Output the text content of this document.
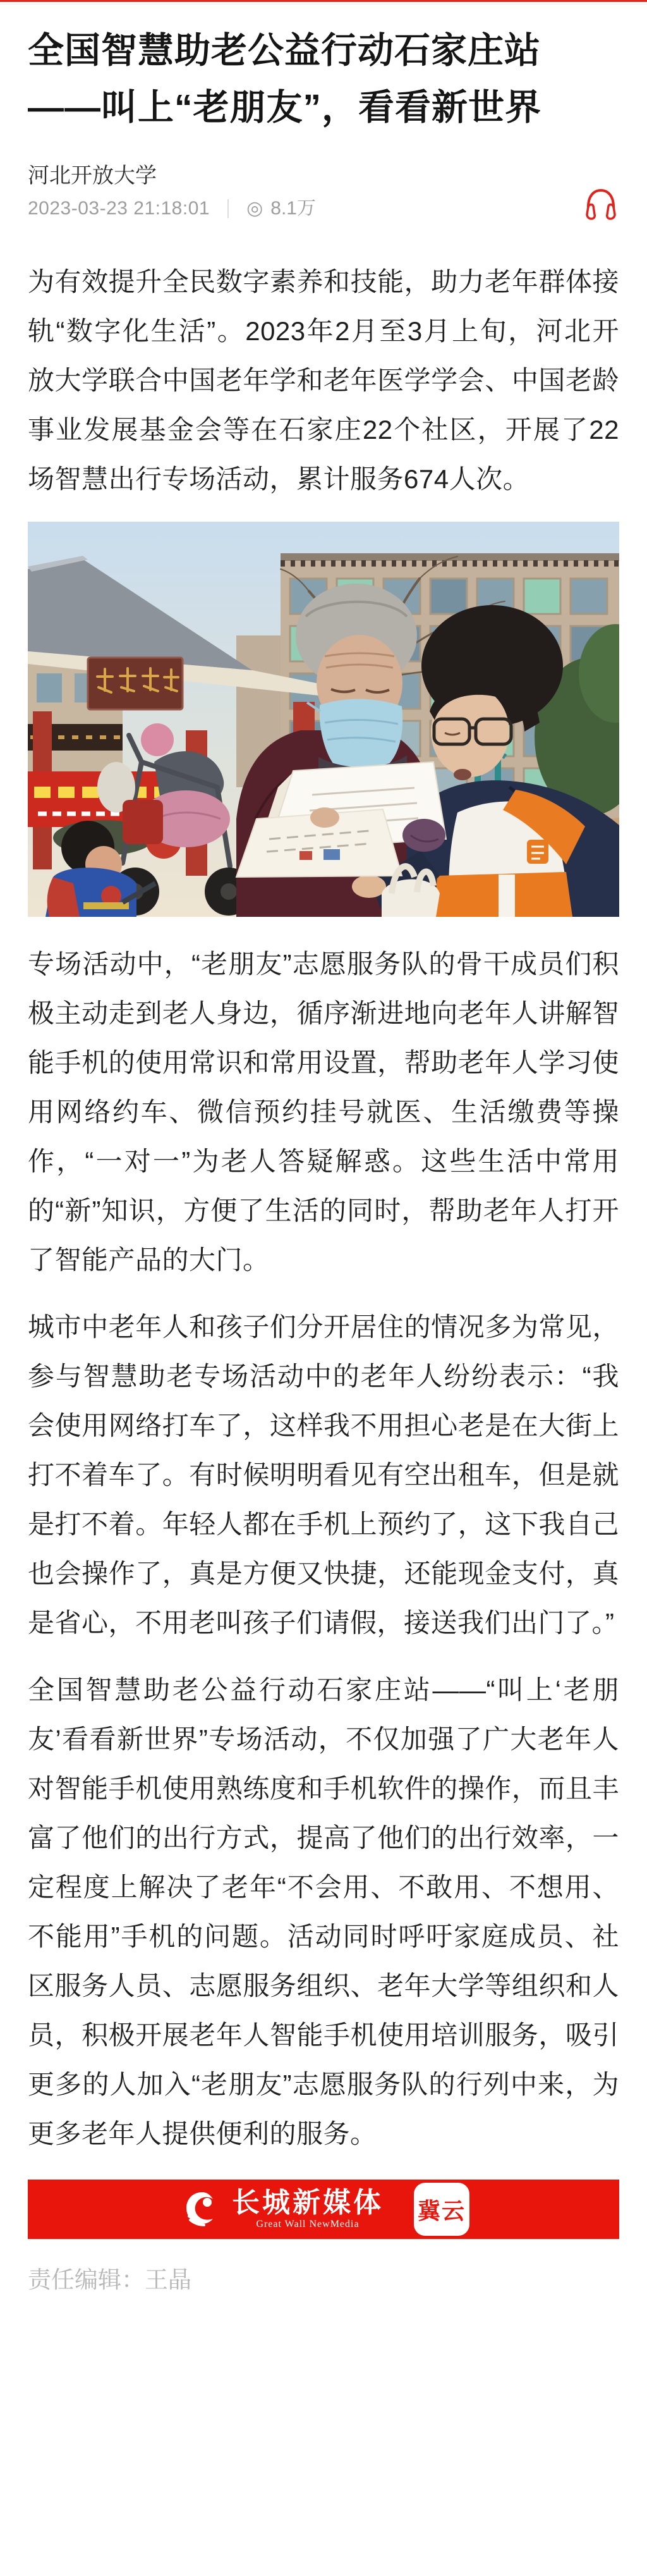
全国智慧助老公益行动石家庄站
——叫上“老朋友”，看看新世界
河北开放大学
2023-03-23 21:18:01 ◎ 8.1万

为有效提升全民数字素养和技能，助力老年群体接轨“数字化生活”。2023年2月至3月上旬，河北开放大学联合中国老年学和老年医学学会、中国老龄事业发展基金会等在石家庄22个社区，开展了22场智慧出行专场活动，累计服务674人次。

专场活动中，“老朋友”志愿服务队的骨干成员们积极主动走到老人身边，循序渐进地向老年人讲解智能手机的使用常识和常用设置，帮助老年人学习使用网络约车、微信预约挂号就医、生活缴费等操作，“一对一”为老人答疑解惑。这些生活中常用的“新”知识，方便了生活的同时，帮助老年人打开了智能产品的大门。

城市中老年人和孩子们分开居住的情况多为常见，参与智慧助老专场活动中的老年人纷纷表示：“我会使用网络打车了，这样我不用担心老是在大街上打不着车了。有时候明明看见有空出租车，但是就是打不着。年轻人都在手机上预约了，这下我自己也会操作了，真是方便又快捷，还能现金支付，真是省心，不用老叫孩子们请假，接送我们出门了。”

全国智慧助老公益行动石家庄站——“叫上‘老朋友’看看新世界”专场活动，不仅加强了广大老年人对智能手机使用熟练度和手机软件的操作，而且丰富了他们的出行方式，提高了他们的出行效率，一定程度上解决了老年“不会用、不敢用、不想用、不能用”手机的问题。活动同时呼吁家庭成员、社区服务人员、志愿服务组织、老年大学等组织和人员，积极开展老年人智能手机使用培训服务，吸引更多的人加入“老朋友”志愿服务队的行列中来，为更多老年人提供便利的服务。

长城新媒体
Great Wall NewMedia
冀云
责任编辑：王晶
